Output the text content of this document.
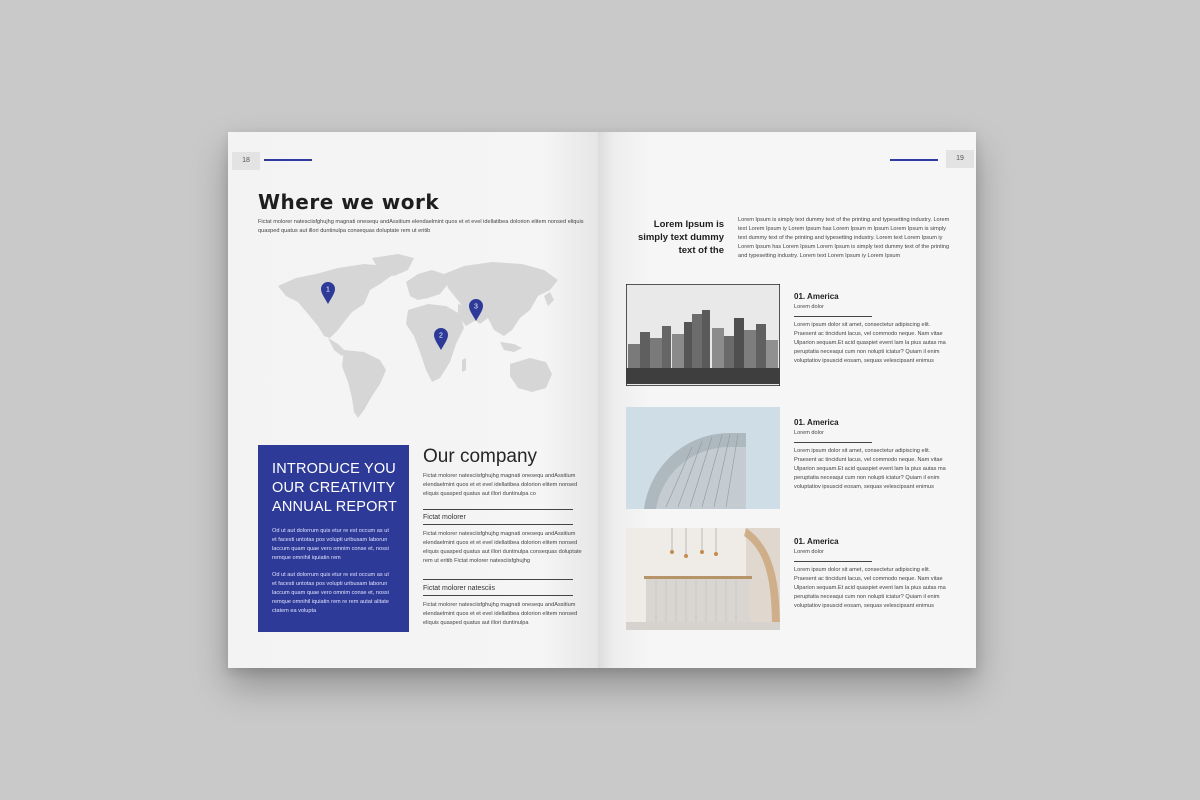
18
Where we work
Fictat molorer natesciisfghujhg magnati onesequ andAssitium elendaelmint quos et et evel idellatibea dolorion elitem nonsed eliquis
quasped quatus aut illori duntinulpa consequas doluptate rem ut eritib
1
2
3
INTRODUCE YOU
OUR CREATIVITY
ANNUAL REPORT
Od ut aut dolorrum quis etur re est occum as ut
et facesti untotas pos volupti uribusam laborun
laccum quam quae vero omnim conse et, nossi
remque omnihil iquiatin rem
Od ut aut dolorrum quis etur re est occum as ut
et facesti untotas pos volupti uribusam laborun
laccum quam quae vero omnim conse et, nossi
remque omnihil iquiatin rem re rem autat alitate
ctatem ea volupta
Our company
Fictat molorer natesciisfghujhg magnati onesequ andAssitium
elendaelmint quos et et evel idellatibea dolorion elitem nonsed
eliquis quasped quatus aut illori duntinulpa co
Fictat molorer
Fictat molorer natesciisfghujhg magnati onesequ andAssitium
elendaelmint quos et et evel idellatibea dolorion elitem nonsed
eliquis quasped quatus aut illori duntinulpa consequas doluptate
rem ut eritib Fictat molorer natesciisfghujhg
Fictat molorer natesciis
Fictat molorer natesciisfghujhg magnati onesequ andAssitium
elendaelmint quos et et evel idellatibea dolorion elitem nonsed
eliquis quasped quatus aut illori duntinulpa
19
Lorem Ipsum is
simply text dummy
text of the
Lorem Ipsum is simply text dummy text of the printing and typesetting industry. Lorem
text Lorem Ipsum iy Lorem Ipsum has Lorem Ipsum m Ipsum Lorem Ipsum is simply
text dummy text of the printing and typesetting industry. Lorem text Lorem Ipsum iy
Lorem Ipsum has Lorem Ipsum Lorem Ipsum is simply text dummy text of the printing
and typesetting industry. Lorem text Lorem Ipsum iy Lorem Ipsum
01. America
Lorem dolor
Lorem ipsum dolor sit amet, consectetur adipiscing elit.
Praesent ac tincidunt lacus, vel commodo neque. Nam vitae
Ulparion sequam.Et acid quaspiet event lam la pius autas ma
peruptatia neceaqui cum non nolupti iciatur? Quiam il enim
voluptatiov ipsuscid eosam, sequas velescipsant enimus
01. America
Lorem dolor
Lorem ipsum dolor sit amet, consectetur adipiscing elit.
Praesent ac tincidunt lacus, vel commodo neque. Nam vitae
Ulparion sequam.Et acid quaspiet event lam la pius autas ma
peruptatia neceaqui cum non nolupti iciatur? Quiam il enim
voluptatiov ipsuscid eosam, sequas velescipsant enimus
01. America
Lorem dolor
Lorem ipsum dolor sit amet, consectetur adipiscing elit.
Praesent ac tincidunt lacus, vel commodo neque. Nam vitae
Ulparion sequam.Et acid quaspiet event lam la pius autas ma
peruptatia neceaqui cum non nolupti iciatur? Quiam il enim
voluptatiov ipsuscid eosam, sequas velescipsant enimus
